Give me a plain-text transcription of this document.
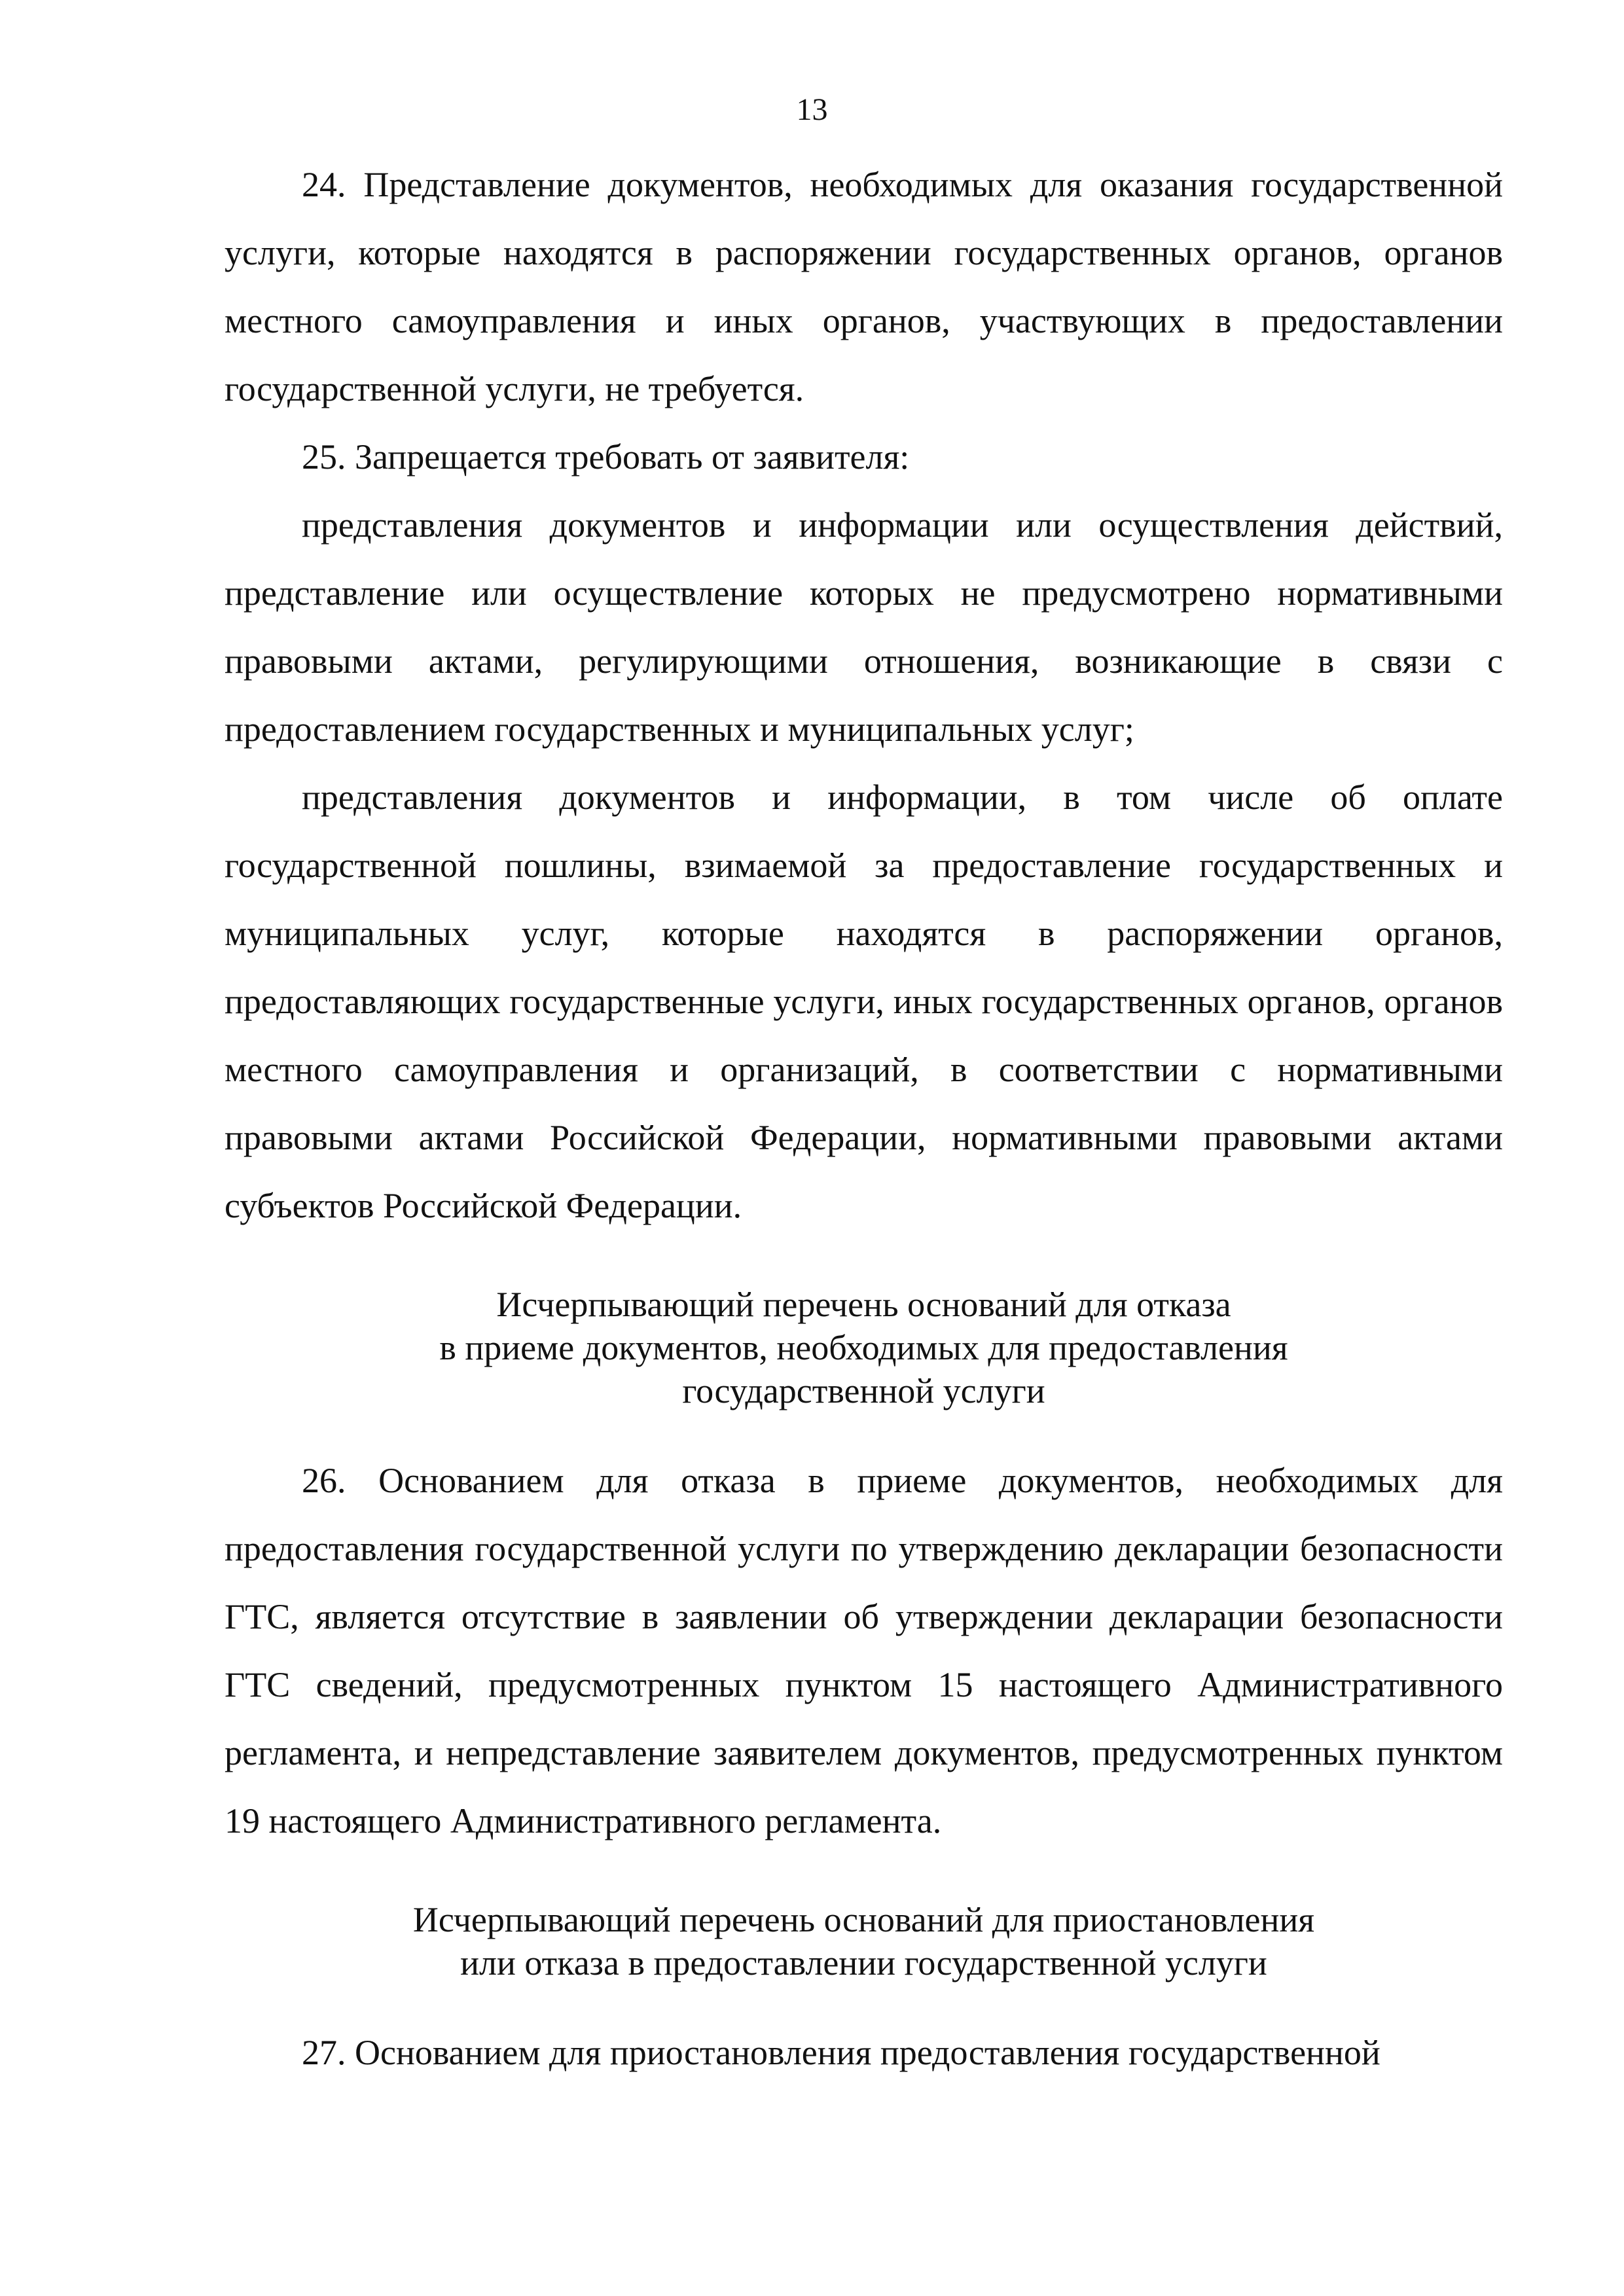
13

24. Представление документов, необходимых для оказания государственной услуги, которые находятся в распоряжении государственных органов, органов местного самоуправления и иных органов, участвующих в предоставлении государственной услуги, не требуется.

25. Запрещается требовать от заявителя:

представления документов и информации или осуществления действий, представление или осуществление которых не предусмотрено нормативными правовыми актами, регулирующими отношения, возникающие в связи с предоставлением государственных и муниципальных услуг;

представления документов и информации, в том числе об оплате государственной пошлины, взимаемой за предоставление государственных и муниципальных услуг, которые находятся в распоряжении органов, предоставляющих государственные услуги, иных государственных органов, органов местного самоуправления и организаций, в соответствии с нормативными правовыми актами Российской Федерации, нормативными правовыми актами субъектов Российской Федерации.

Исчерпывающий перечень оснований для отказа
в приеме документов, необходимых для предоставления
государственной услуги

26. Основанием для отказа в приеме документов, необходимых для предоставления государственной услуги по утверждению декларации безопасности ГТС, является отсутствие в заявлении об утверждении декларации безопасности ГТС сведений, предусмотренных пунктом 15 настоящего Административного регламента, и непредставление заявителем документов, предусмотренных пунктом 19 настоящего Административного регламента.

Исчерпывающий перечень оснований для приостановления
или отказа в предоставлении государственной услуги

27. Основанием для приостановления предоставления государственной
